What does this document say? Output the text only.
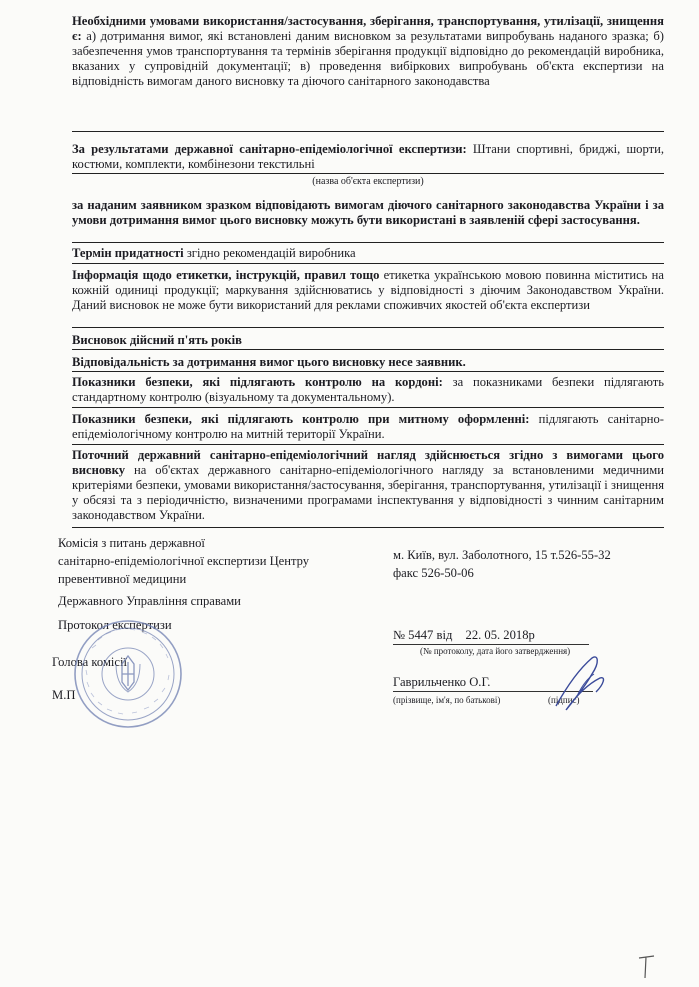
Необхідними умовами використання/застосування, зберігання, транспортування, утилізації, знищення є: а) дотримання вимог, які встановлені даним висновком за результатами випробувань наданого зразка; б) забезпечення умов транспортування та термінів зберігання продукції відповідно до рекомендацій виробника, вказаних у супровідній документації; в) проведення вибіркових випробувань об'єкта експертизи на відповідність вимогам даного висновку та діючого санітарного законодавства
За результатами державної санітарно-епідеміологічної експертизи: Штани спортивні, бриджі, шорти, костюми, комплекти, комбінезони текстильні
(назва об'єкта експертизи)
за наданим заявником зразком відповідають вимогам діючого санітарного законодавства України і за умови дотримання вимог цього висновку можуть бути використані в заявленій сфері застосування.
Термін придатності згідно рекомендацій виробника
Інформація щодо етикетки, інструкцій, правил тощо етикетка українською мовою повинна міститись на кожній одиниці продукції; маркування здійснюватись у відповідності з діючим Законодавством України. Даний висновок не може бути використаний для реклами споживчих якостей об'єкта експертизи
Висновок дійсний п'ять років
Відповідальність за дотримання вимог цього висновку несе заявник.
Показники безпеки, які підлягають контролю на кордоні: за показниками безпеки підлягають стандартному контролю (візуальному та документальному).
Показники безпеки, які підлягають контролю при митному оформленні: підлягають санітарно-епідеміологічному контролю на митній території України.
Поточний державний санітарно-епідеміологічний нагляд здійснюється згідно з вимогами цього висновку на об'єктах державного санітарно-епідеміологічного нагляду за встановленими медичними критеріями безпеки, умовами використання/застосування, зберігання, транспортування, утилізації і знищення у обсязі та з періодичністю, визначеними програмами інспектування у відповідності з чинним санітарним законодавством України.
Комісія з питань державної
санітарно-епідеміологічної експертизи Центру
превентивної медицини
Державного Управління справами
м. Київ, вул. Заболотного, 15 т.526-55-32
факс 526-50-06
Протокол експертизи
№ 5447 від 22. 05. 2018р
(№ протоколу, дата його затвердження)
Голова комісії
М.П
Гаврильченко О.Г.
(прізвище, ім'я, по батькові)	(підпис)
